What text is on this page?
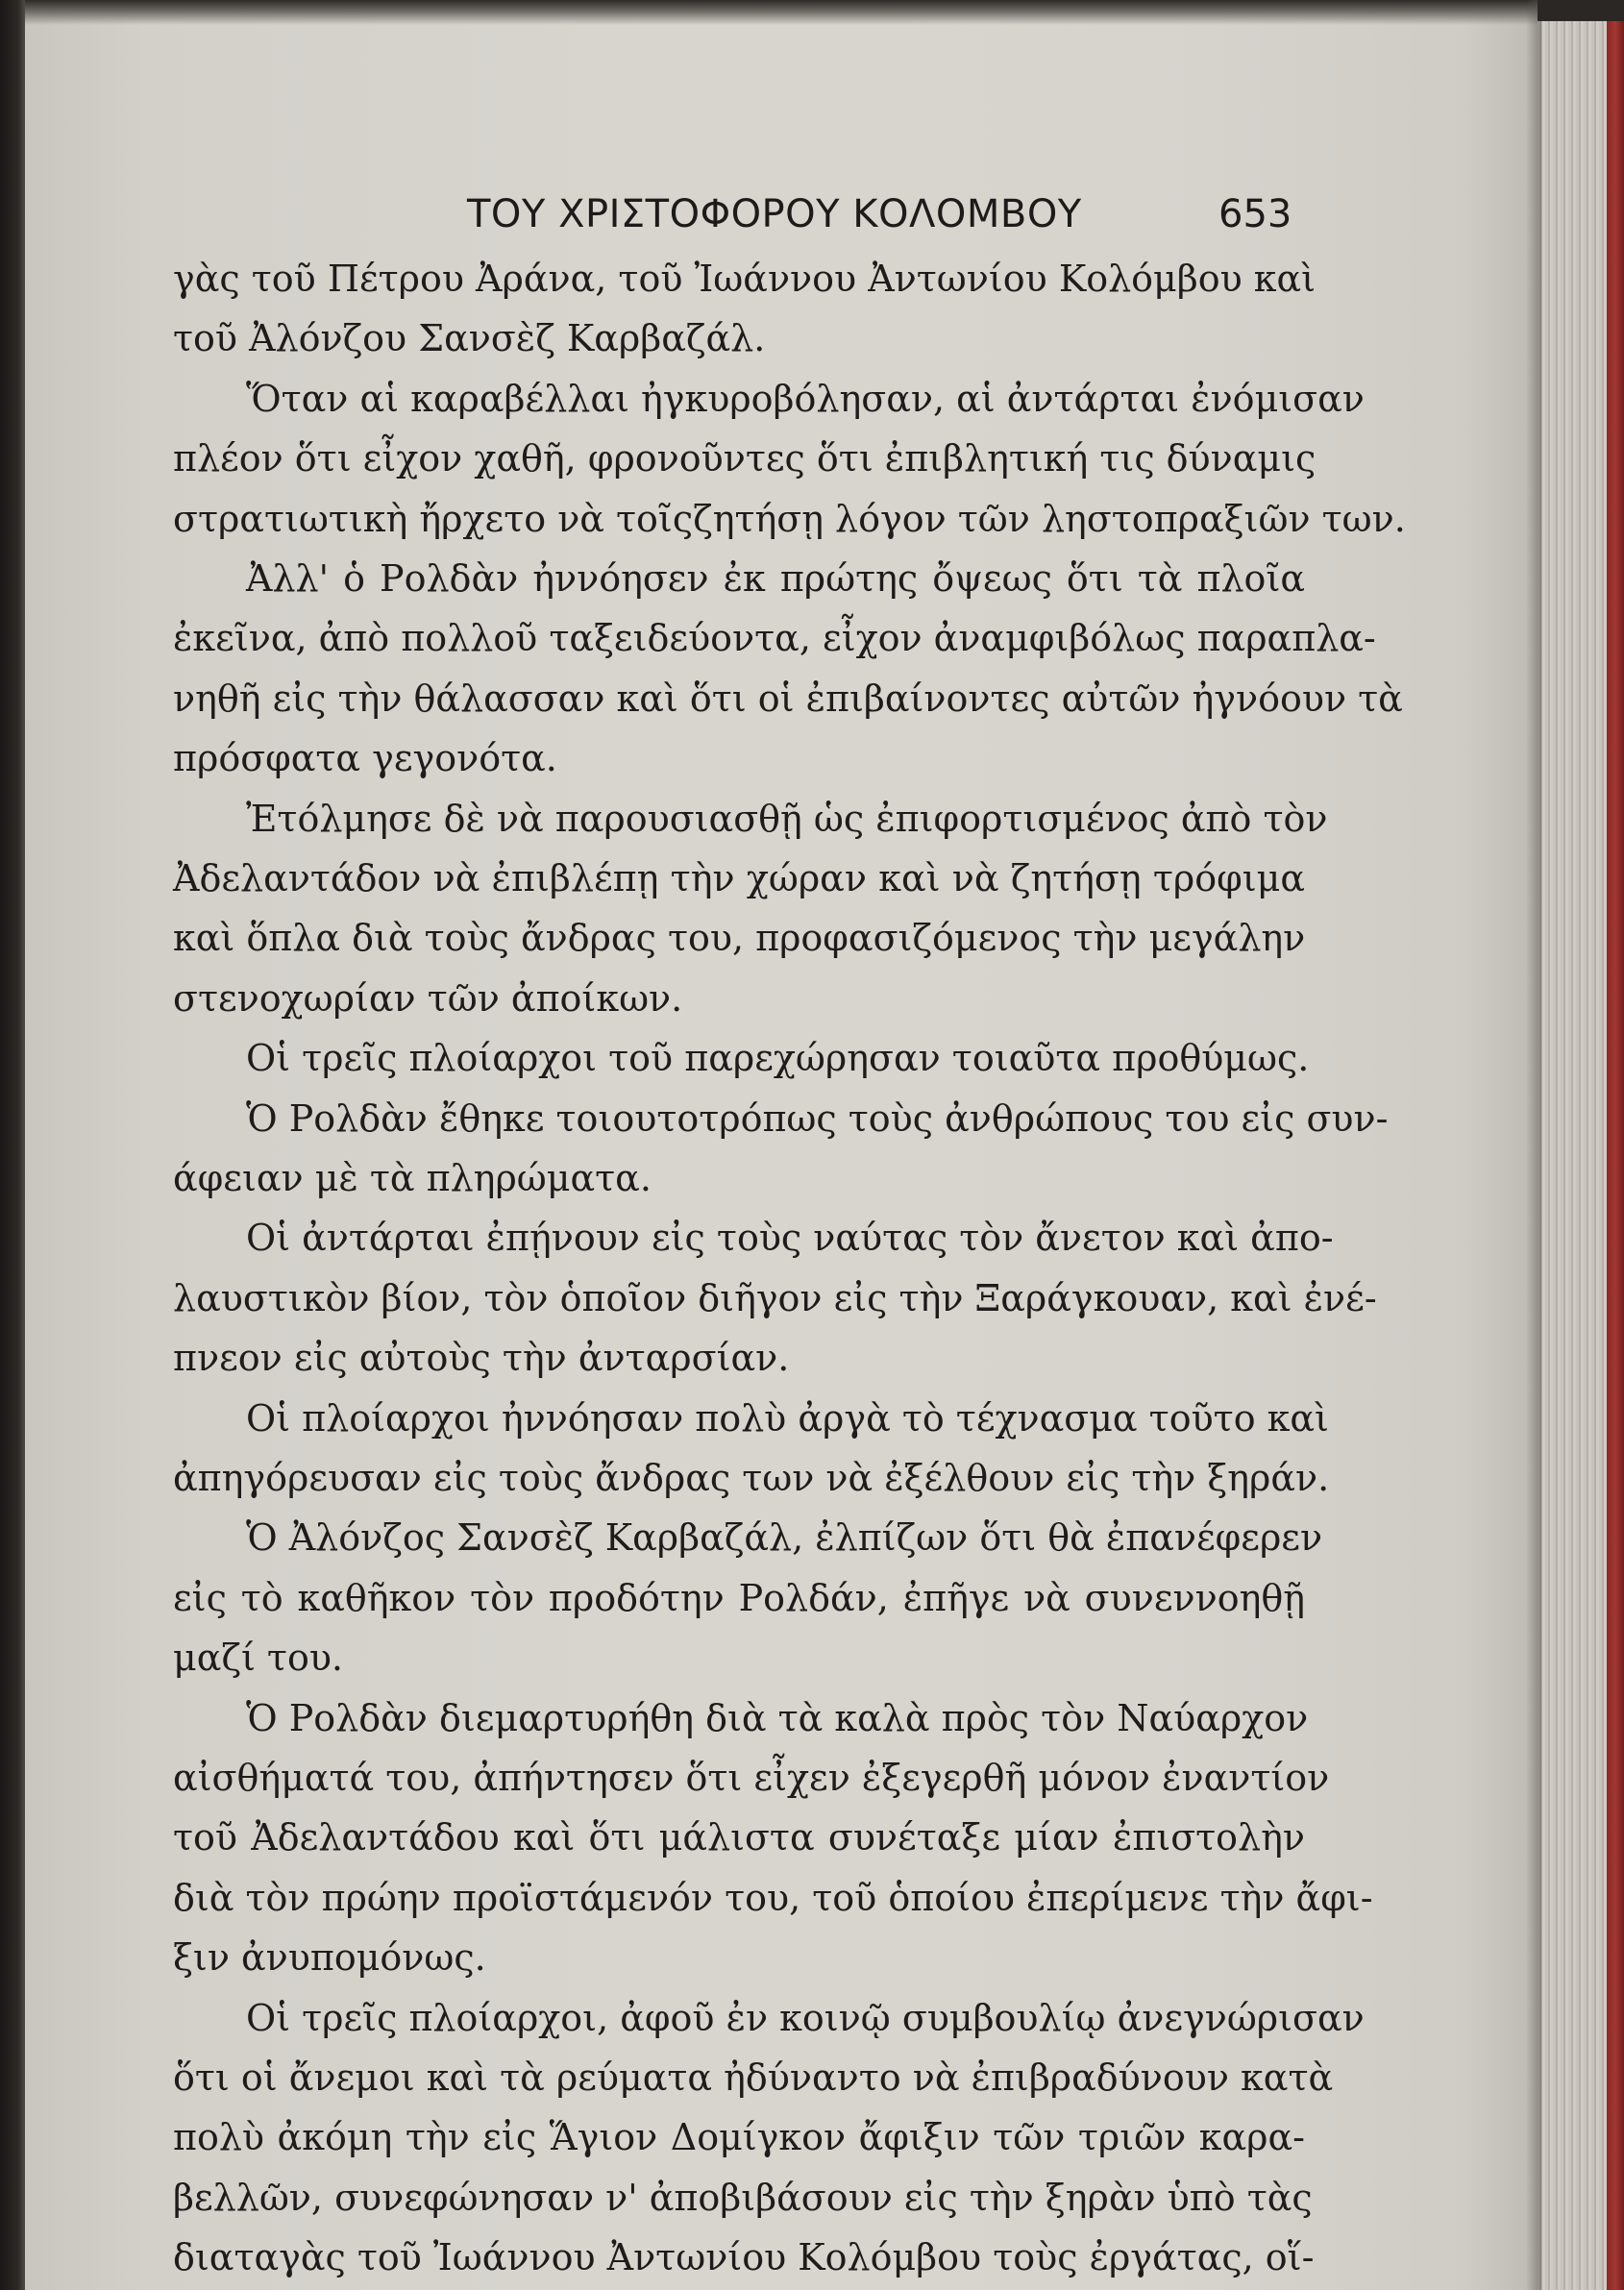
ΤΟΥ ΧΡΙΣΤΟΦΟΡΟΥ ΚΟΛΟΜΒΟΥ	653
γὰς τοῦ Πέτρου Ἀράνα, τοῦ Ἰωάννου Ἀντωνίου Κολόμβου καὶ
τοῦ Ἀλόνζου Σανσὲζ Καρβαζάλ.
Ὅταν αἱ καραβέλλαι ἠγκυροβόλησαν, αἱ ἀντάρται ἐνόμισαν
πλέον ὅτι εἶχον χαθῆ, φρονοῦντες ὅτι ἐπιβλητική τις δύναμις
στρατιωτικὴ ἤρχετο νὰ τοῖςζητήσῃ λόγον τῶν ληστοπραξιῶν των.
Ἀλλ' ὁ Ρολδὰν ἠννόησεν ἐκ πρώτης ὄψεως ὅτι τὰ πλοῖα
ἐκεῖνα, ἀπὸ πολλοῦ ταξειδεύοντα, εἶχον ἀναμφιβόλως παραπλα-
νηθῆ εἰς τὴν θάλασσαν καὶ ὅτι οἱ ἐπιβαίνοντες αὐτῶν ἠγνόουν τὰ
πρόσφατα γεγονότα.
Ἐτόλμησε δὲ νὰ παρουσιασθῇ ὡς ἐπιφορτισμένος ἀπὸ τὸν
Ἀδελαντάδον νὰ ἐπιβλέπῃ τὴν χώραν καὶ νὰ ζητήσῃ τρόφιμα
καὶ ὅπλα διὰ τοὺς ἄνδρας του, προφασιζόμενος τὴν μεγάλην
στενοχωρίαν τῶν ἀποίκων.
Οἱ τρεῖς πλοίαρχοι τοῦ παρεχώρησαν τοιαῦτα προθύμως.
Ὁ Ρολδὰν ἔθηκε τοιουτοτρόπως τοὺς ἀνθρώπους του εἰς συν-
άφειαν μὲ τὰ πληρώματα.
Οἱ ἀντάρται ἐπῄνουν εἰς τοὺς ναύτας τὸν ἄνετον καὶ ἀπο-
λαυστικὸν βίον, τὸν ὁποῖον διῆγον εἰς τὴν Ξαράγκουαν, καὶ ἐνέ-
πνεον εἰς αὐτοὺς τὴν ἀνταρσίαν.
Οἱ πλοίαρχοι ἠννόησαν πολὺ ἀργὰ τὸ τέχνασμα τοῦτο καὶ
ἀπηγόρευσαν εἰς τοὺς ἄνδρας των νὰ ἐξέλθουν εἰς τὴν ξηράν.
Ὁ Ἀλόνζος Σανσὲζ Καρβαζάλ, ἐλπίζων ὅτι θὰ ἐπανέφερεν
εἰς τὸ καθῆκον τὸν προδότην Ρολδάν, ἐπῆγε νὰ συνεννοηθῇ
μαζί του.
Ὁ Ρολδὰν διεμαρτυρήθη διὰ τὰ καλὰ πρὸς τὸν Ναύαρχον
αἰσθήματά του, ἀπήντησεν ὅτι εἶχεν ἐξεγερθῆ μόνον ἐναντίον
τοῦ Ἀδελαντάδου καὶ ὅτι μάλιστα συνέταξε μίαν ἐπιστολὴν
διὰ τὸν πρώην προϊστάμενόν του, τοῦ ὁποίου ἐπερίμενε τὴν ἄφι-
ξιν ἀνυπομόνως.
Οἱ τρεῖς πλοίαρχοι, ἀφοῦ ἐν κοινῷ συμβουλίῳ ἀνεγνώρισαν
ὅτι οἱ ἄνεμοι καὶ τὰ ρεύματα ἠδύναντο νὰ ἐπιβραδύνουν κατὰ
πολὺ ἀκόμη τὴν εἰς Ἅγιον Δομίγκον ἄφιξιν τῶν τριῶν καρα-
βελλῶν, συνεφώνησαν ν' ἀποβιβάσουν εἰς τὴν ξηρὰν ὑπὸ τὰς
διαταγὰς τοῦ Ἰωάννου Ἀντωνίου Κολόμβου τοὺς ἐργάτας, οἵ-
